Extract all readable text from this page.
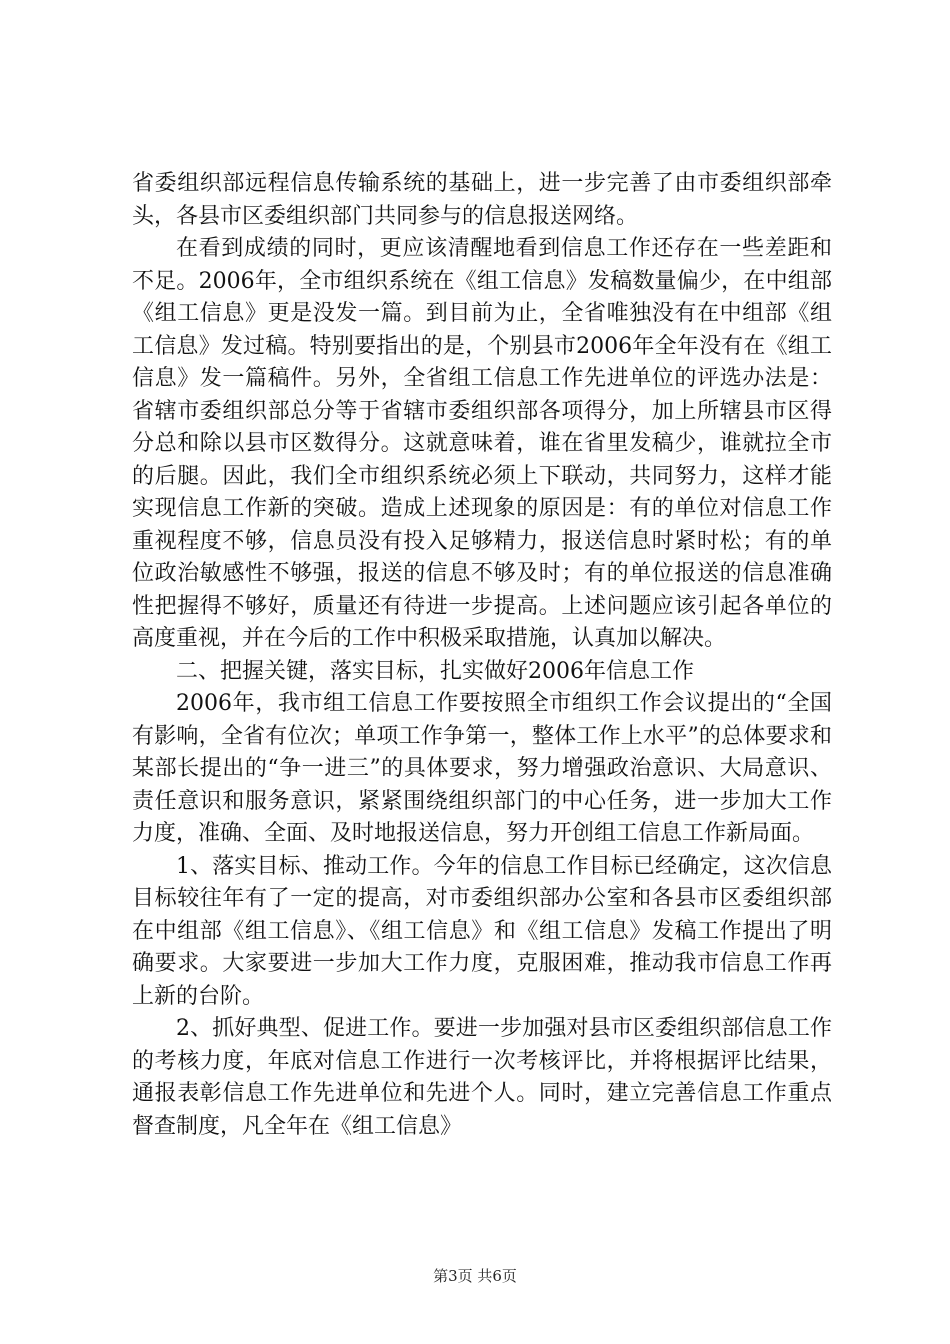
省委组织部远程信息传输系统的基础上，进一步完善了由市委组织部牵头，各县市区委组织部门共同参与的信息报送网络。

在看到成绩的同时，更应该清醒地看到信息工作还存在一些差距和不足。2006年，全市组织系统在《组工信息》发稿数量偏少，在中组部《组工信息》更是没发一篇。到目前为止，全省唯独没有在中组部《组工信息》发过稿。特别要指出的是，个别县市2006年全年没有在《组工信息》发一篇稿件。另外，全省组工信息工作先进单位的评选办法是：省辖市委组织部总分等于省辖市委组织部各项得分，加上所辖县市区得分总和除以县市区数得分。这就意味着，谁在省里发稿少，谁就拉全市的后腿。因此，我们全市组织系统必须上下联动，共同努力，这样才能实现信息工作新的突破。造成上述现象的原因是：有的单位对信息工作重视程度不够，信息员没有投入足够精力，报送信息时紧时松；有的单位政治敏感性不够强，报送的信息不够及时；有的单位报送的信息准确性把握得不够好，质量还有待进一步提高。上述问题应该引起各单位的高度重视，并在今后的工作中积极采取措施，认真加以解决。

二、把握关键，落实目标，扎实做好2006年信息工作

2006年，我市组工信息工作要按照全市组织工作会议提出的“全国有影响，全省有位次；单项工作争第一，整体工作上水平”的总体要求和某部长提出的“争一进三”的具体要求，努力增强政治意识、大局意识、责任意识和服务意识，紧紧围绕组织部门的中心任务，进一步加大工作力度，准确、全面、及时地报送信息，努力开创组工信息工作新局面。

1、落实目标、推动工作。今年的信息工作目标已经确定，这次信息目标较往年有了一定的提高，对市委组织部办公室和各县市区委组织部在中组部《组工信息》、《组工信息》和《组工信息》发稿工作提出了明确要求。大家要进一步加大工作力度，克服困难，推动我市信息工作再上新的台阶。

2、抓好典型、促进工作。要进一步加强对县市区委组织部信息工作的考核力度，年底对信息工作进行一次考核评比，并将根据评比结果，通报表彰信息工作先进单位和先进个人。同时，建立完善信息工作重点督查制度，凡全年在《组工信息》

第3页 共6页
